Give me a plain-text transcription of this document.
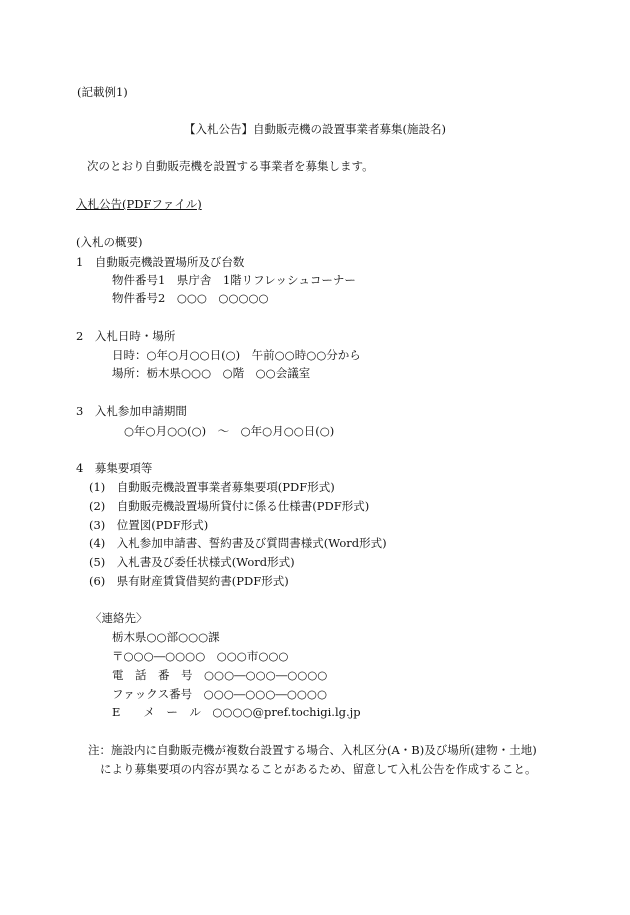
(記載例1)
【入札公告】自動販売機の設置事業者募集(施設名)
次のとおり自動販売機を設置する事業者を募集します。
入札公告(PDFファイル)
(入札の概要)
1　自動販売機設置場所及び台数
物件番号1　県庁舎　1階リフレッシュコーナー
物件番号2　○○○　○○○○○
2　入札日時・場所
日時：○年○月○○日(○)　午前○○時○○分から
場所：栃木県○○○　○階　○○会議室
3　入札参加申請期間
○年○月○○(○)　～　○年○月○○日(○)
4　募集要項等
(1)　自動販売機設置事業者募集要項(PDF形式)
(2)　自動販売機設置場所貸付に係る仕様書(PDF形式)
(3)　位置図(PDF形式)
(4)　入札参加申請書、誓約書及び質問書様式(Word形式)
(5)　入札書及び委任状様式(Word形式)
(6)　県有財産賃貸借契約書(PDF形式)
〈連絡先〉
栃木県○○部○○○課
〒○○○―○○○○　○○○市○○○
電　話　番　号　○○○―○○○―○○○○
ファックス番号　○○○―○○○―○○○○
E　　メ　ー　ル　○○○○@pref.tochigi.lg.jp
注：施設内に自動販売機が複数台設置する場合、入札区分(A・B)及び場所(建物・土地)
により募集要項の内容が異なることがあるため、留意して入札公告を作成すること。
